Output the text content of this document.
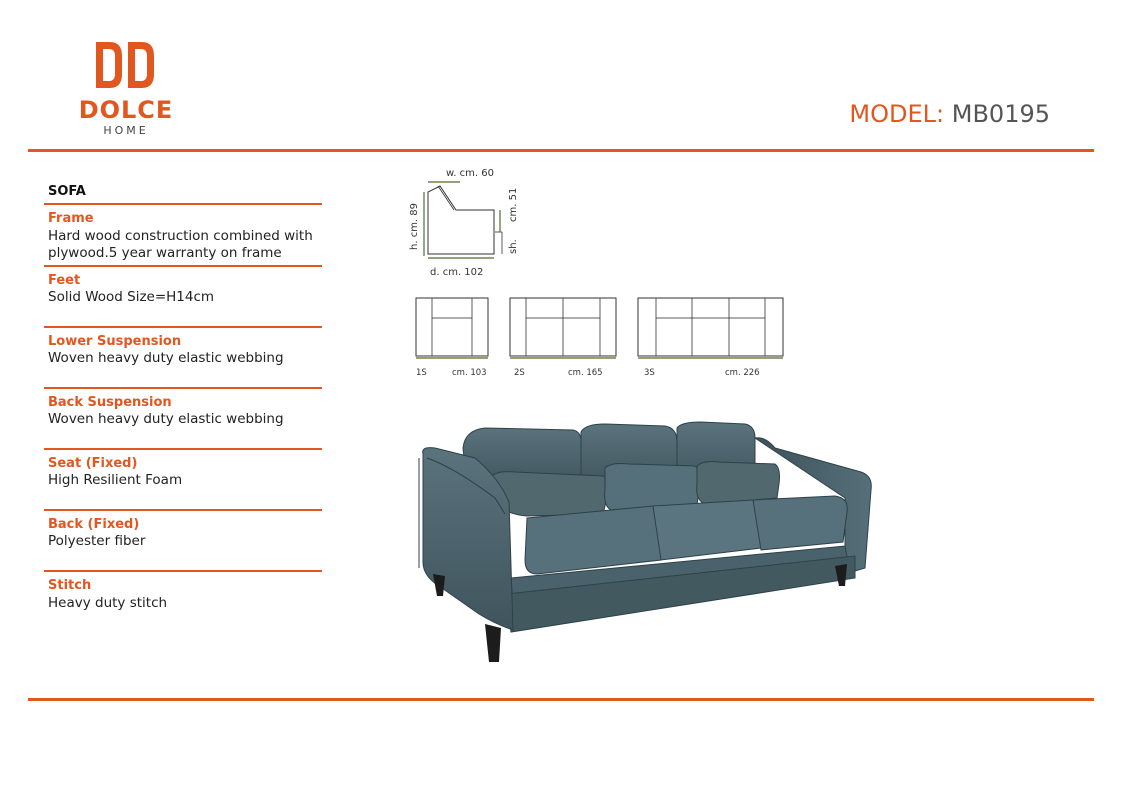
DOLCE
HOME
MODEL: MB0195
SOFA
Frame
Hard wood construction combined with plywood.5 year warranty on frame
Feet
Solid Wood Size=H14cm
Lower Suspension
Woven heavy duty elastic webbing
Back Suspension
Woven heavy duty elastic webbing
Seat (Fixed)
High Resilient Foam
Back (Fixed)
Polyester fiber
Stitch
Heavy duty stitch
w. cm. 60
h. cm. 89	cm. 51
sh.
d. cm. 102
1S	cm. 103	2S	cm. 165	3S	cm. 226
